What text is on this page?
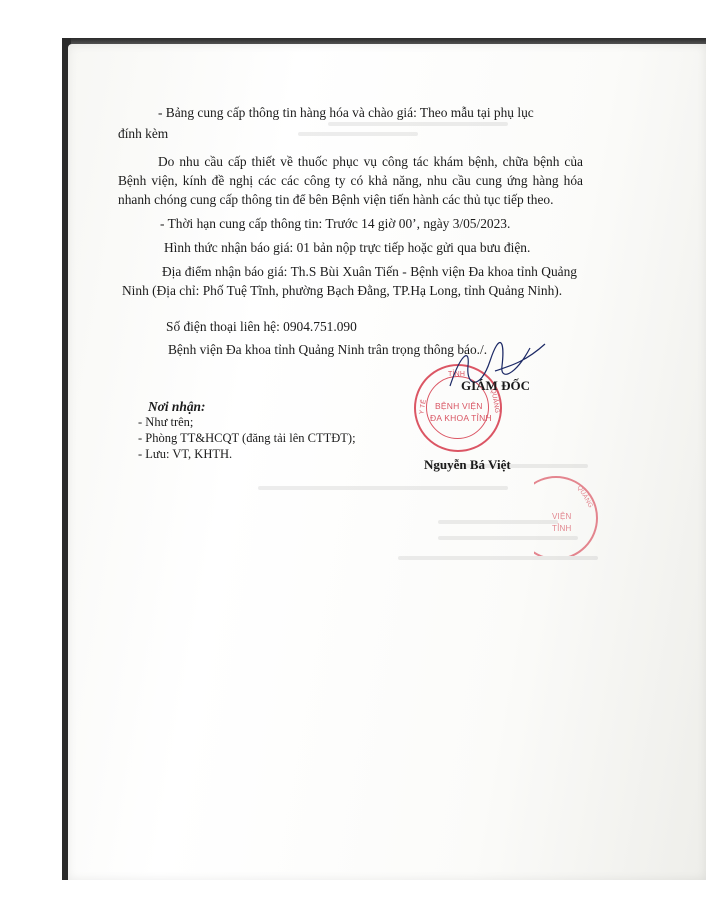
- Bảng cung cấp thông tin hàng hóa và chào giá: Theo mẫu tại phụ lục
đính kèm
Do nhu cầu cấp thiết về thuốc phục vụ công tác khám bệnh, chữa bệnh của Bệnh viện, kính đề nghị các các công ty có khả năng, nhu cầu cung ứng hàng hóa nhanh chóng cung cấp thông tin để bên Bệnh viện tiến hành các thủ tục tiếp theo.
- Thời hạn cung cấp thông tin: Trước 14 giờ 00’, ngày 3/05/2023.
Hình thức nhận báo giá: 01 bản nộp trực tiếp hoặc gửi qua bưu điện.
Địa điểm nhận báo giá: Th.S Bùi Xuân Tiến - Bệnh viện Đa khoa tỉnh Quảng Ninh (Địa chỉ: Phố Tuệ Tĩnh, phường Bạch Đằng, TP.Hạ Long, tỉnh Quảng Ninh).
Số điện thoại liên hệ: 0904.751.090
Bệnh viện Đa khoa tỉnh Quảng Ninh trân trọng thông báo./.
Nơi nhận:
- Như trên;
- Phòng TT&HCQT (đăng tải lên CTTĐT);
- Lưu: VT, KHTH.
TỈNH
QUẢNG
Y TẾ BỆNH VIỆN
ĐA KHOA TỈNH
GIÁM ĐỐC
Nguyễn Bá Việt
QUẢNG
VIỆN
TỈNH
